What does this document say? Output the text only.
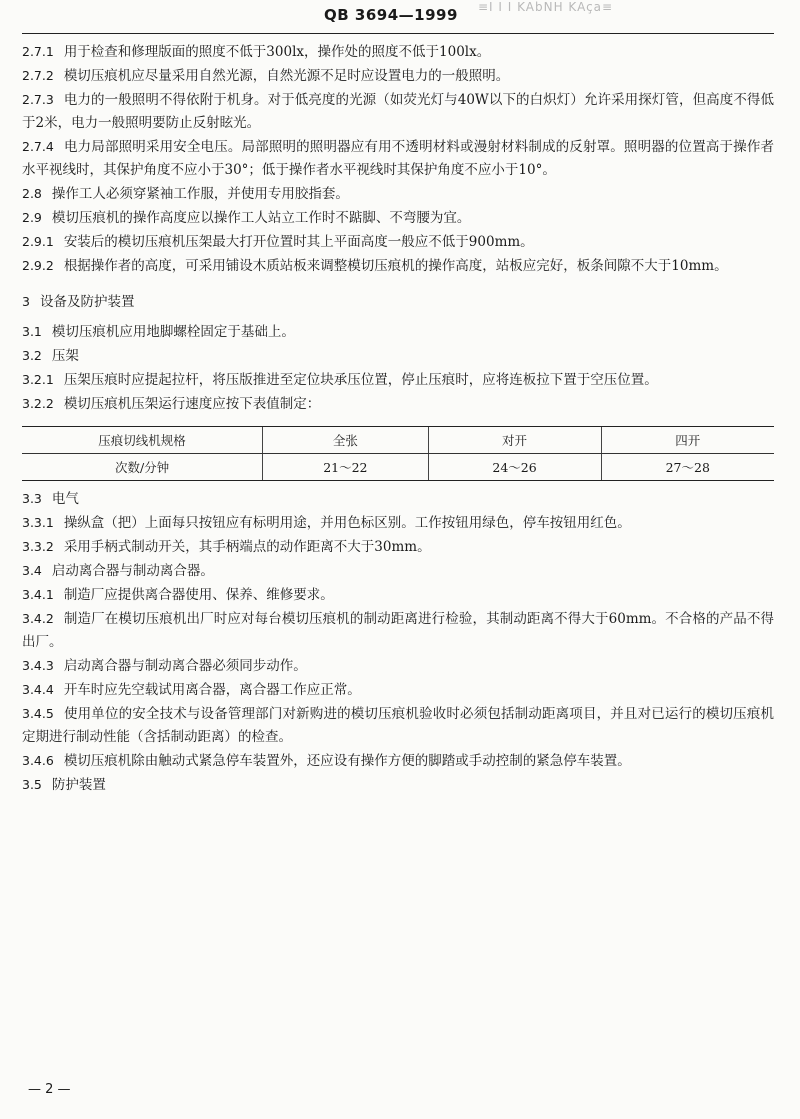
QB 3694—1999 ≡I I I KAbNH KAça≡

2.7.1 用于检查和修理版面的照度不低于300lx，操作处的照度不低于100lx。

2.7.2 模切压痕机应尽量采用自然光源，自然光源不足时应设置电力的一般照明。

2.7.3 电力的一般照明不得依附于机身。对于低亮度的光源（如荧光灯与40W以下的白炽灯）允许采用探灯管，但高度不得低于2米，电力一般照明要防止反射眩光。

2.7.4 电力局部照明采用安全电压。局部照明的照明器应有用不透明材料或漫射材料制成的反射罩。照明器的位置高于操作者水平视线时，其保护角度不应小于30°；低于操作者水平视线时其保护角度不应小于10°。

2.8 操作工人必须穿紧袖工作服，并使用专用胶指套。

2.9 模切压痕机的操作高度应以操作工人站立工作时不踮脚、不弯腰为宜。

2.9.1 安装后的模切压痕机压架最大打开位置时其上平面高度一般应不低于900mm。

2.9.2 根据操作者的高度，可采用铺设木质站板来调整模切压痕机的操作高度，站板应完好，板条间隙不大于10mm。

3 设备及防护装置

3.1 模切压痕机应用地脚螺栓固定于基础上。

3.2 压架

3.2.1 压架压痕时应提起拉杆，将压版推进至定位块承压位置，停止压痕时，应将连板拉下置于空压位置。

3.2.2 模切压痕机压架运行速度应按下表值制定：

压痕切线机规格	全张	对开	四开
次数/分钟	21～22	24～26	27～28

3.3 电气

3.3.1 操纵盒（把）上面每只按钮应有标明用途，并用色标区别。工作按钮用绿色，停车按钮用红色。

3.3.2 采用手柄式制动开关，其手柄端点的动作距离不大于30mm。

3.4 启动离合器与制动离合器。

3.4.1 制造厂应提供离合器使用、保养、维修要求。

3.4.2 制造厂在模切压痕机出厂时应对每台模切压痕机的制动距离进行检验，其制动距离不得大于60mm。不合格的产品不得出厂。

3.4.3 启动离合器与制动离合器必须同步动作。

3.4.4 开车时应先空载试用离合器，离合器工作应正常。

3.4.5 使用单位的安全技术与设备管理部门对新购进的模切压痕机验收时必须包括制动距离项目，并且对已运行的模切压痕机定期进行制动性能（含括制动距离）的检查。

3.4.6 模切压痕机除由触动式紧急停车装置外，还应设有操作方便的脚踏或手动控制的紧急停车装置。

3.5 防护装置

— 2 —
